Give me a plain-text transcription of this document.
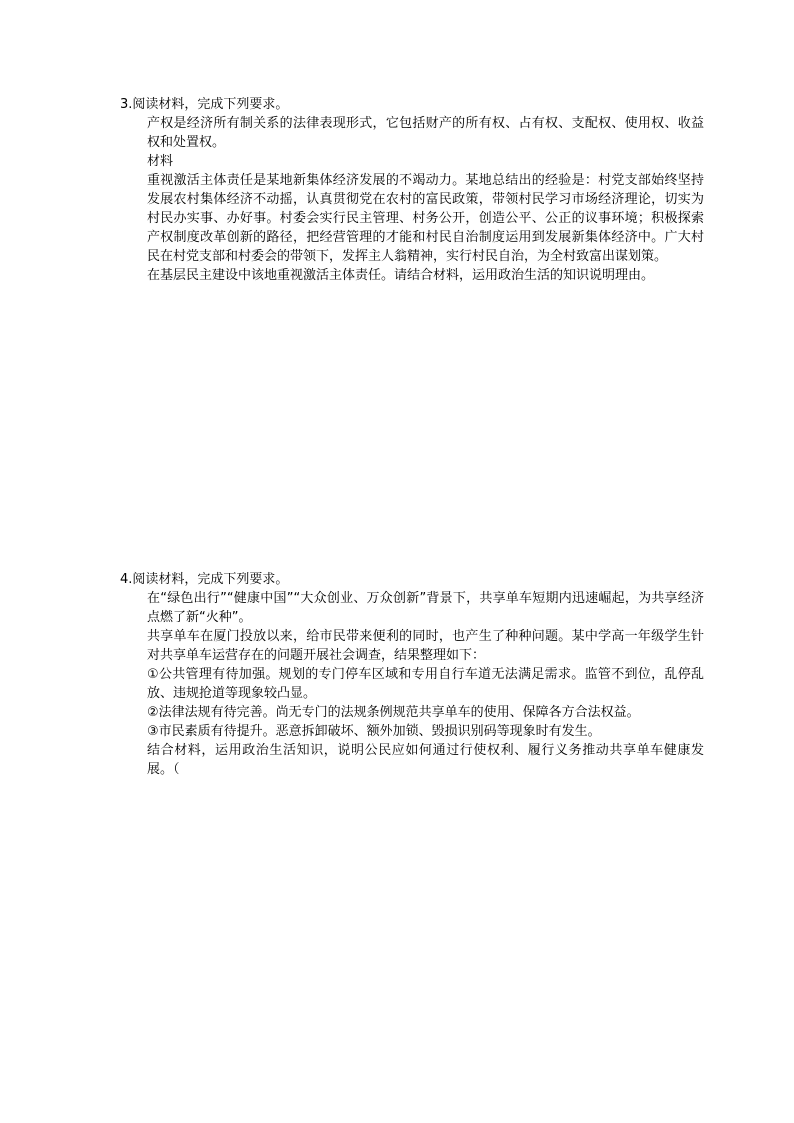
3.阅读材料，完成下列要求。

产权是经济所有制关系的法律表现形式，它包括财产的所有权、占有权、支配权、使用权、收益权和处置权。

材料

重视激活主体责任是某地新集体经济发展的不竭动力。某地总结出的经验是：村党支部始终坚持发展农村集体经济不动摇，认真贯彻党在农村的富民政策，带领村民学习市场经济理论，切实为村民办实事、办好事。村委会实行民主管理、村务公开，创造公平、公正的议事环境；积极探索产权制度改革创新的路径，把经营管理的才能和村民自治制度运用到发展新集体经济中。广大村民在村党支部和村委会的带领下，发挥主人翁精神，实行村民自治，为全村致富出谋划策。

在基层民主建设中该地重视激活主体责任。请结合材料，运用政治生活的知识说明理由。

4.阅读材料，完成下列要求。

在“绿色出行”“健康中国”“大众创业、万众创新”背景下，共享单车短期内迅速崛起，为共享经济点燃了新“火种”。

共享单车在厦门投放以来，给市民带来便利的同时，也产生了种种问题。某中学高一年级学生针对共享单车运营存在的问题开展社会调查，结果整理如下：

①公共管理有待加强。规划的专门停车区域和专用自行车道无法满足需求。监管不到位，乱停乱放、违规抢道等现象较凸显。

②法律法规有待完善。尚无专门的法规条例规范共享单车的使用、保障各方合法权益。

③市民素质有待提升。恶意拆卸破坏、额外加锁、毁损识别码等现象时有发生。

结合材料，运用政治生活知识，说明公民应如何通过行使权利、履行义务推动共享单车健康发展。（
